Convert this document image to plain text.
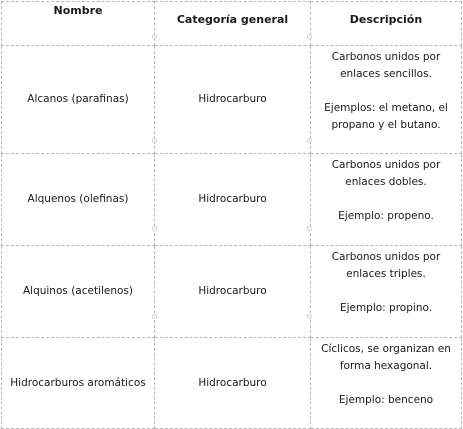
Nombre	Categoría general	Descripción
Alcanos (parafinas)	Hidrocarburo	Carbonos unidos por
enlaces sencillos.
Ejemplos: el metano, el
propano y el butano.

Alquenos (olefinas)	Hidrocarburo	Carbonos unidos por
enlaces dobles.
Ejemplo: propeno.

Alquinos (acetilenos)	Hidrocarburo	Carbonos unidos por
enlaces triples.
Ejemplo: propino.

Hidrocarburos aromáticos	Hidrocarburo	Cíclicos, se organizan en
forma hexagonal.
Ejemplo: benceno
